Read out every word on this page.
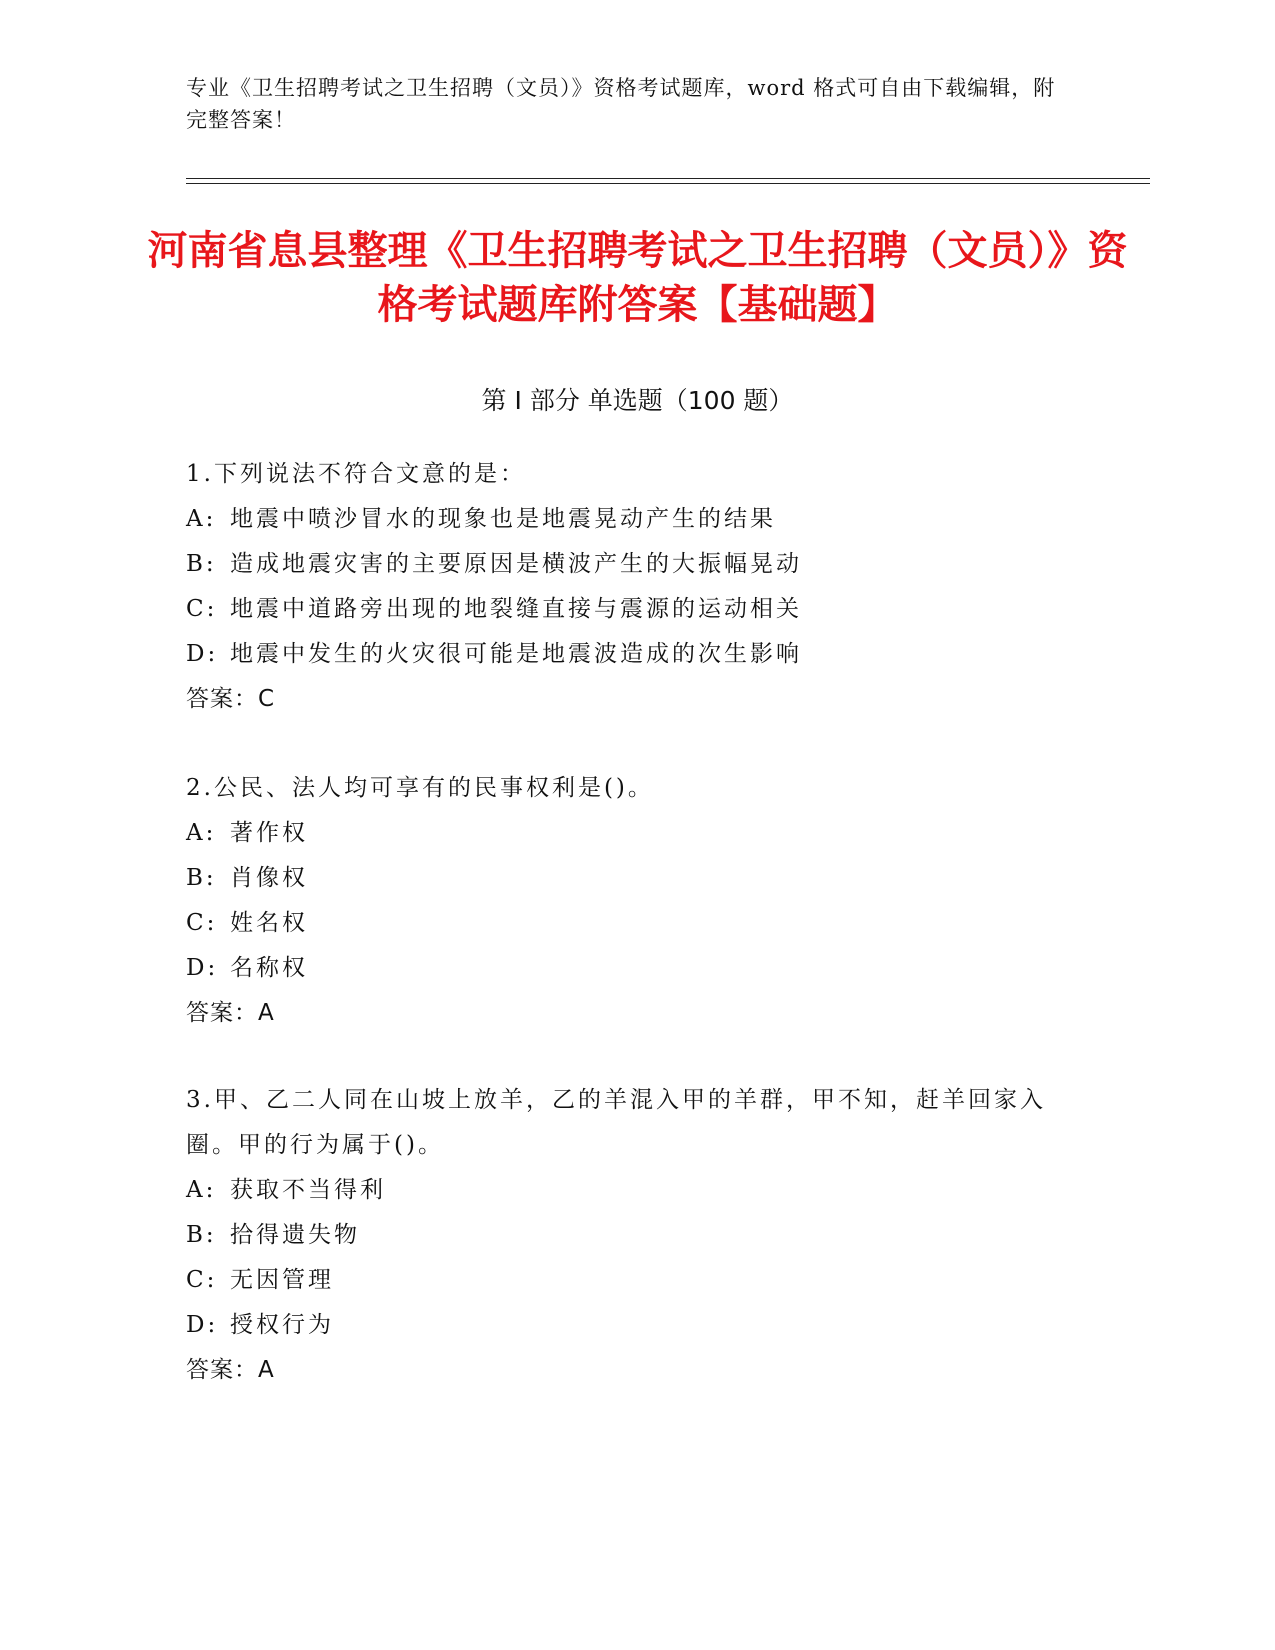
专业《卫生招聘考试之卫生招聘（文员）》资格考试题库，word 格式可自由下载编辑，附完整答案！
河南省息县整理《卫生招聘考试之卫生招聘（文员）》资格考试题库附答案【基础题】
第 I 部分 单选题（100 题）
1.下列说法不符合文意的是：
A: 地震中喷沙冒水的现象也是地震晃动产生的结果
B: 造成地震灾害的主要原因是横波产生的大振幅晃动
C: 地震中道路旁出现的地裂缝直接与震源的运动相关
D: 地震中发生的火灾很可能是地震波造成的次生影响
答案：C
2.公民、法人均可享有的民事权利是()。
A: 著作权
B: 肖像权
C: 姓名权
D: 名称权
答案：A
3.甲、乙二人同在山坡上放羊，乙的羊混入甲的羊群，甲不知，赶羊回家入圈。甲的行为属于()。
A: 获取不当得利
B: 拾得遗失物
C: 无因管理
D: 授权行为
答案：A
